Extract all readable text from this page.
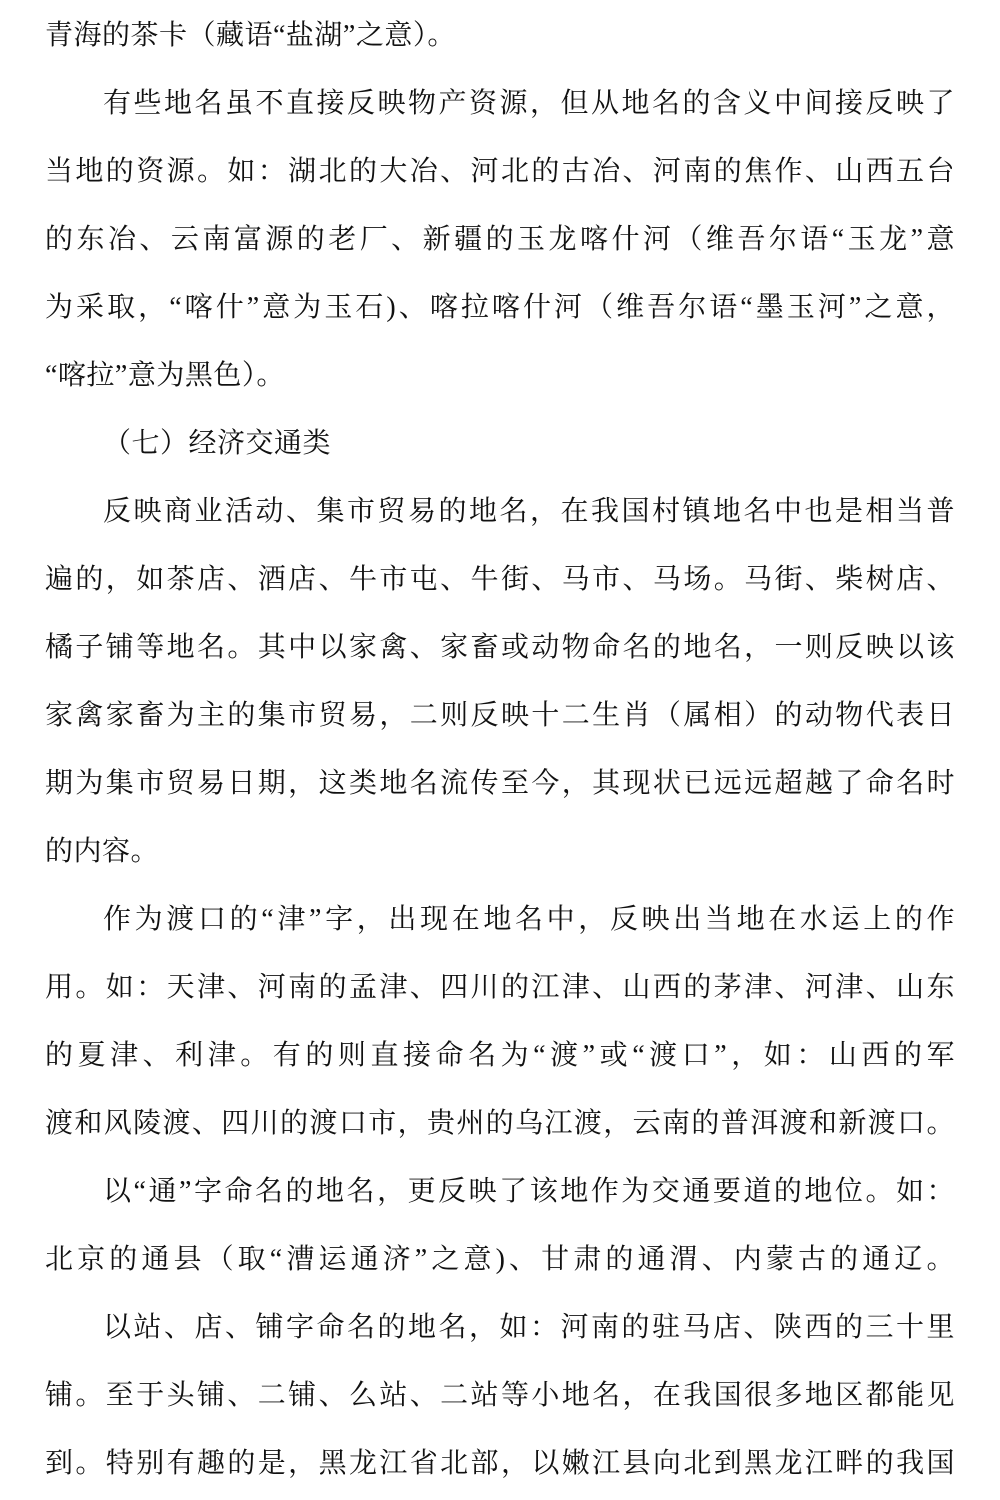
青海的茶卡（藏语“盐湖”之意）。
有些地名虽不直接反映物产资源，但从地名的含义中间接反映了
当地的资源。如：湖北的大冶、河北的古冶、河南的焦作、山西五台
的东冶、云南富源的老厂、新疆的玉龙喀什河（维吾尔语“玉龙”意
为采取，“喀什”意为玉石)、喀拉喀什河（维吾尔语“墨玉河”之意，
“喀拉”意为黑色）。
（七）经济交通类
反映商业活动、集市贸易的地名，在我国村镇地名中也是相当普
遍的，如茶店、酒店、牛市屯、牛街、马市、马场。马街、柴树店、
橘子铺等地名。其中以家禽、家畜或动物命名的地名，一则反映以该
家禽家畜为主的集市贸易，二则反映十二生肖（属相）的动物代表日
期为集市贸易日期，这类地名流传至今，其现状已远远超越了命名时
的内容。
作为渡口的“津”字，出现在地名中，反映出当地在水运上的作
用。如：天津、河南的孟津、四川的江津、山西的茅津、河津、山东
的夏津、利津。有的则直接命名为“渡”或“渡口”，如：山西的军
渡和风陵渡、四川的渡口市，贵州的乌江渡，云南的普洱渡和新渡口。
以“通”字命名的地名，更反映了该地作为交通要道的地位。如：
北京的通县（取“漕运通济”之意)、甘肃的通渭、内蒙古的通辽。
以站、店、铺字命名的地名，如：河南的驻马店、陕西的三十里
铺。至于头铺、二铺、么站、二站等小地名，在我国很多地区都能见
到。特别有趣的是，黑龙江省北部，以嫩江县向北到黑龙江畔的我国
